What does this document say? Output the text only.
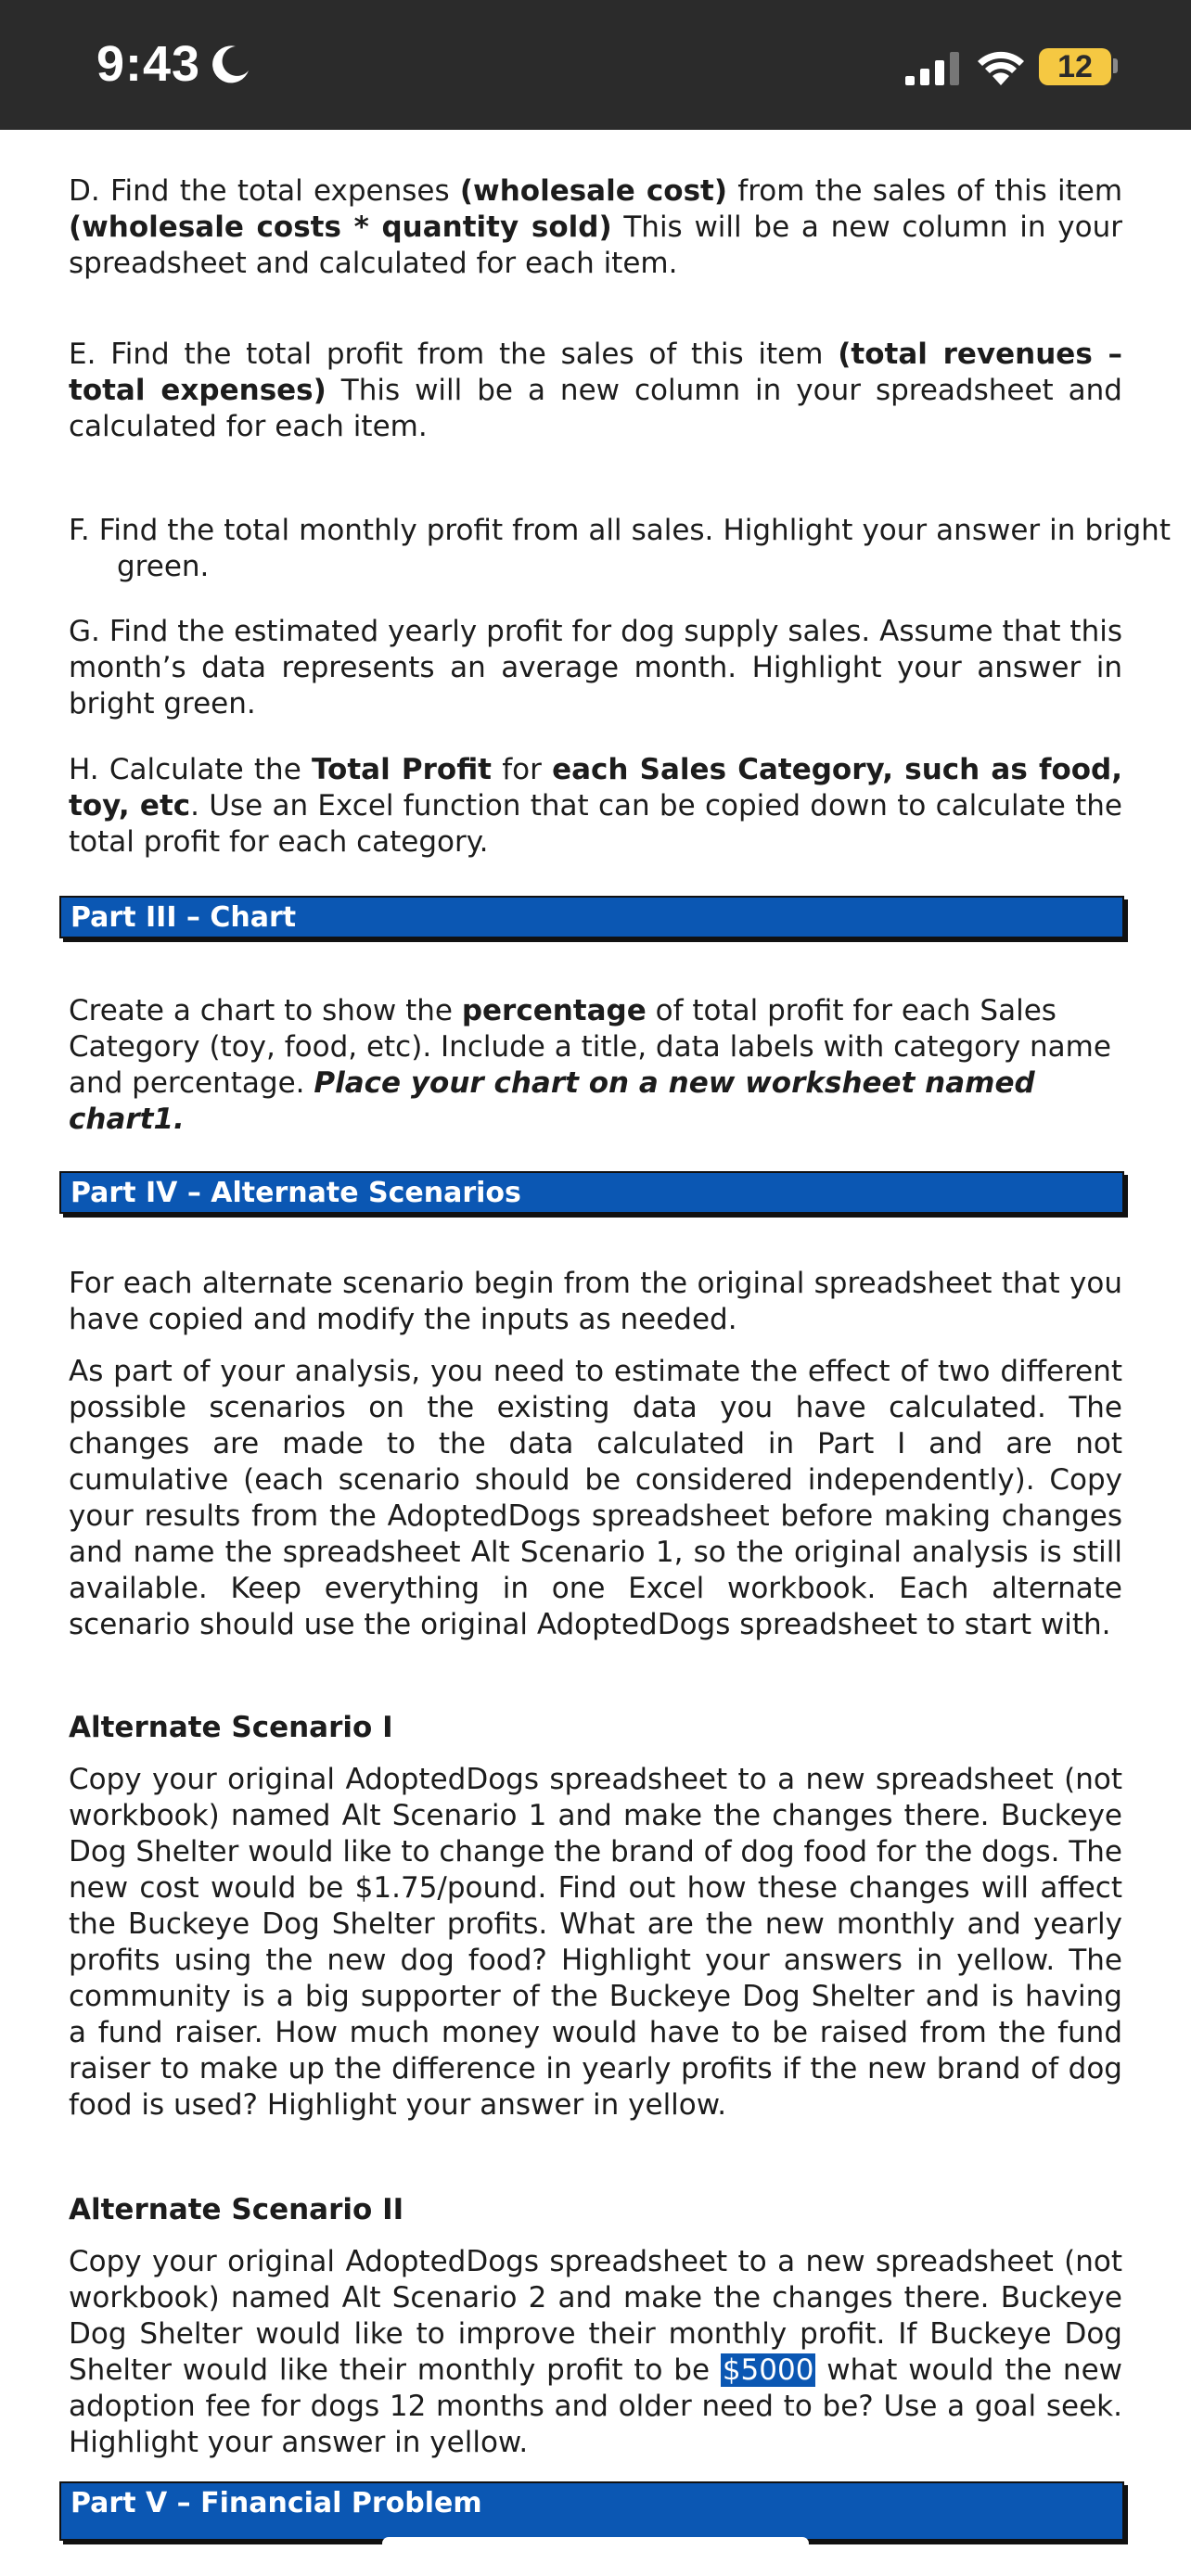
9:43	12

D. Find the total expenses (wholesale cost) from the sales of this item (wholesale costs * quantity sold) This will be a new column in your spreadsheet and calculated for each item.

E. Find the total profit from the sales of this item (total revenues – total expenses) This will be a new column in your spreadsheet and calculated for each item.

F. Find the total monthly profit from all sales. Highlight your answer in bright green.

G. Find the estimated yearly profit for dog supply sales. Assume that this month’s data represents an average month. Highlight your answer in bright green.

H. Calculate the Total Profit for each Sales Category, such as food, toy, etc. Use an Excel function that can be copied down to calculate the total profit for each category.

Part III – Chart

Create a chart to show the percentage of total profit for each Sales Category (toy, food, etc). Include a title, data labels with category name and percentage. Place your chart on a new worksheet named chart1.

Part IV – Alternate Scenarios

For each alternate scenario begin from the original spreadsheet that you have copied and modify the inputs as needed.

As part of your analysis, you need to estimate the effect of two different possible scenarios on the existing data you have calculated. The changes are made to the data calculated in Part I and are not cumulative (each scenario should be considered independently). Copy your results from the AdoptedDogs spreadsheet before making changes and name the spreadsheet Alt Scenario 1, so the original analysis is still available. Keep everything in one Excel workbook. Each alternate scenario should use the original AdoptedDogs spreadsheet to start with.

Alternate Scenario I

Copy your original AdoptedDogs spreadsheet to a new spreadsheet (not workbook) named Alt Scenario 1 and make the changes there. Buckeye Dog Shelter would like to change the brand of dog food for the dogs. The new cost would be $1.75/pound. Find out how these changes will affect the Buckeye Dog Shelter profits. What are the new monthly and yearly profits using the new dog food? Highlight your answers in yellow. The community is a big supporter of the Buckeye Dog Shelter and is having a fund raiser. How much money would have to be raised from the fund raiser to make up the difference in yearly profits if the new brand of dog food is used? Highlight your answer in yellow.

Alternate Scenario II

Copy your original AdoptedDogs spreadsheet to a new spreadsheet (not workbook) named Alt Scenario 2 and make the changes there. Buckeye Dog Shelter would like to improve their monthly profit. If Buckeye Dog Shelter would like their monthly profit to be $5000 what would the new adoption fee for dogs 12 months and older need to be? Use a goal seek. Highlight your answer in yellow.

Part V – Financial Problem
